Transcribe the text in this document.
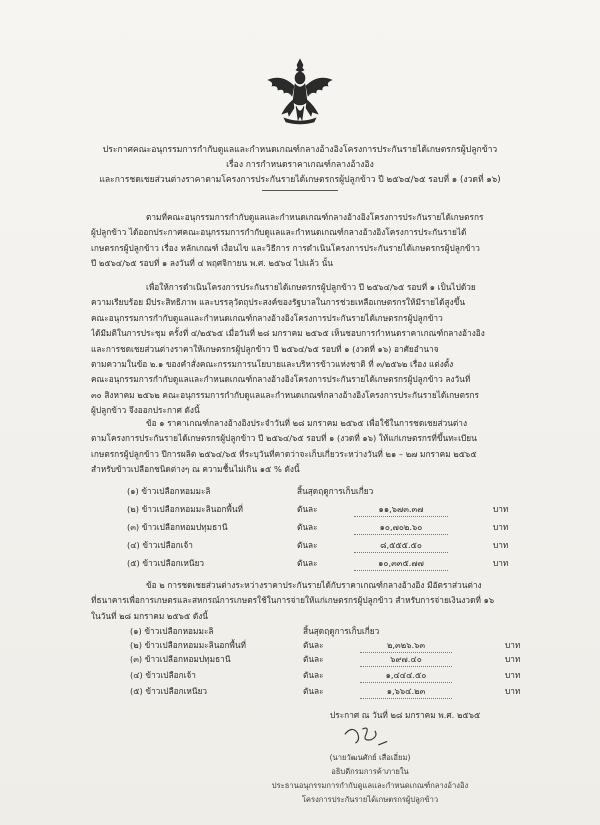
ประกาศคณะอนุกรรมการกำกับดูแลและกำหนดเกณฑ์กลางอ้างอิงโครงการประกันรายได้เกษตรกรผู้ปลูกข้าว
เรื่อง การกำหนดราคาเกณฑ์กลางอ้างอิง
และการชดเชยส่วนต่างราคาตามโครงการประกันรายได้เกษตรกรผู้ปลูกข้าว ปี ๒๕๖๔/๖๕ รอบที่ ๑ (งวดที่ ๑๖)
ตามที่คณะอนุกรรมการกำกับดูแลและกำหนดเกณฑ์กลางอ้างอิงโครงการประกันรายได้เกษตรกร
ผู้ปลูกข้าว ได้ออกประกาศคณะอนุกรรมการกำกับดูแลและกำหนดเกณฑ์กลางอ้างอิงโครงการประกันรายได้
เกษตรกรผู้ปลูกข้าว เรื่อง หลักเกณฑ์ เงื่อนไข และวิธีการ การดำเนินโครงการประกันรายได้เกษตรกรผู้ปลูกข้าว
ปี ๒๕๖๔/๖๕ รอบที่ ๑ ลงวันที่ ๔ พฤศจิกายน พ.ศ. ๒๕๖๔ ไปแล้ว นั้น
เพื่อให้การดำเนินโครงการประกันรายได้เกษตรกรผู้ปลูกข้าว ปี ๒๕๖๔/๖๕ รอบที่ ๑ เป็นไปด้วย
ความเรียบร้อย มีประสิทธิภาพ และบรรลุวัตถุประสงค์ของรัฐบาลในการช่วยเหลือเกษตรกรให้มีรายได้สูงขึ้น
คณะอนุกรรมการกำกับดูแลและกำหนดเกณฑ์กลางอ้างอิงโครงการประกันรายได้เกษตรกรผู้ปลูกข้าว
ได้มีมติในการประชุม ครั้งที่ ๔/๒๕๖๕ เมื่อวันที่ ๒๘ มกราคม ๒๕๖๕ เห็นชอบการกำหนดราคาเกณฑ์กลางอ้างอิง
และการชดเชยส่วนต่างราคาให้เกษตรกรผู้ปลูกข้าว ปี ๒๕๖๔/๖๕ รอบที่ ๑ (งวดที่ ๑๖) อาศัยอำนาจ
ตามความในข้อ ๒.๑ ของคำสั่งคณะกรรมการนโยบายและบริหารข้าวแห่งชาติ ที่ ๓/๒๕๖๒ เรื่อง แต่งตั้ง
คณะอนุกรรมการกำกับดูแลและกำหนดเกณฑ์กลางอ้างอิงโครงการประกันรายได้เกษตรกรผู้ปลูกข้าว ลงวันที่
๓๐ สิงหาคม ๒๕๖๒ คณะอนุกรรมการกำกับดูแลและกำหนดเกณฑ์กลางอ้างอิงโครงการประกันรายได้เกษตรกร
ผู้ปลูกข้าว จึงออกประกาศ ดังนี้
ข้อ ๑ ราคาเกณฑ์กลางอ้างอิงประจำวันที่ ๒๘ มกราคม ๒๕๖๕ เพื่อใช้ในการชดเชยส่วนต่าง
ตามโครงการประกันรายได้เกษตรกรผู้ปลูกข้าว ปี ๒๕๖๔/๖๕ รอบที่ ๑ (งวดที่ ๑๖) ให้แก่เกษตรกรที่ขึ้นทะเบียน
เกษตรกรผู้ปลูกข้าว ปีการผลิต ๒๕๖๔/๖๕ ที่ระบุวันที่คาดว่าจะเก็บเกี่ยวระหว่างวันที่ ๒๑ – ๒๗ มกราคม ๒๕๖๕
สำหรับข้าวเปลือกชนิดต่างๆ ณ ความชื้นไม่เกิน ๑๕ % ดังนี้
(๑) ข้าวเปลือกหอมมะลิ	สิ้นสุดฤดูการเก็บเกี่ยว
(๒) ข้าวเปลือกหอมมะลินอกพื้นที่	ตันละ	๑๑,๖๗๓.๓๗	บาท
(๓) ข้าวเปลือกหอมปทุมธานี	ตันละ	๑๐,๗๐๒.๖๐	บาท
(๔) ข้าวเปลือกเจ้า	ตันละ	๘,๕๕๕.๕๐	บาท
(๕) ข้าวเปลือกเหนียว	ตันละ	๑๐,๓๓๕.๗๗	บาท
ข้อ ๒ การชดเชยส่วนต่างระหว่างราคาประกันรายได้กับราคาเกณฑ์กลางอ้างอิง มีอัตราส่วนต่าง
ที่ธนาคารเพื่อการเกษตรและสหกรณ์การเกษตรใช้ในการจ่ายให้แก่เกษตรกรผู้ปลูกข้าว สำหรับการจ่ายเงินงวดที่ ๑๖
ในวันที่ ๒๘ มกราคม ๒๕๖๕ ดังนี้
(๑) ข้าวเปลือกหอมมะลิ	สิ้นสุดฤดูการเก็บเกี่ยว
(๒) ข้าวเปลือกหอมมะลินอกพื้นที่	ตันละ	๒,๓๒๖.๖๓	บาท
(๓) ข้าวเปลือกหอมปทุมธานี	ตันละ	๖๙๗.๔๐	บาท
(๔) ข้าวเปลือกเจ้า	ตันละ	๑,๔๔๔.๕๐	บาท
(๕) ข้าวเปลือกเหนียว	ตันละ	๑,๖๖๔.๒๓	บาท
ประกาศ ณ วันที่ ๒๘ มกราคม พ.ศ. ๒๕๖๕
(นายวัฒนศักย์ เสือเอี่ยม)
อธิบดีกรมการค้าภายใน
ประธานอนุกรรมการกำกับดูแลและกำหนดเกณฑ์กลางอ้างอิง
โครงการประกันรายได้เกษตรกรผู้ปลูกข้าว
